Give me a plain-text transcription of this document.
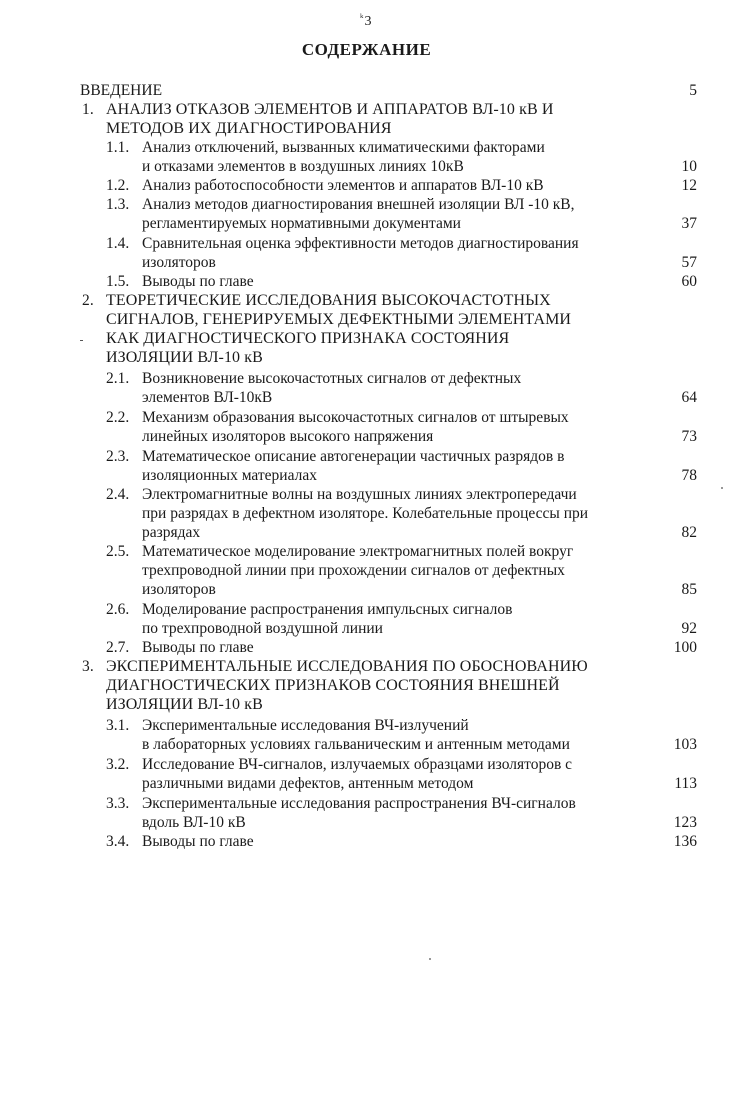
$^ᵏ$3
СОДЕРЖАНИЕ
ВВЕДЕНИЕ	5
1. АНАЛИЗ ОТКАЗОВ ЭЛЕМЕНТОВ И АППАРАТОВ ВЛ-10 кВ И
МЕТОДОВ ИХ ДИАГНОСТИРОВАНИЯ
1.1. Анализ отключений, вызванных климатическими факторами
и отказами элементов в воздушных линиях 10кВ	10
1.2. Анализ работоспособности элементов и аппаратов ВЛ-10 кВ	12
1.3. Анализ методов диагностирования внешней изоляции ВЛ -10 кВ,
регламентируемых нормативными документами	37
1.4. Сравнительная оценка эффективности методов диагностирования
изоляторов	57
1.5. Выводы по главе	60
2. ТЕОРЕТИЧЕСКИЕ ИССЛЕДОВАНИЯ ВЫСОКОЧАСТОТНЫХ
СИГНАЛОВ, ГЕНЕРИРУЕМЫХ ДЕФЕКТНЫМИ ЭЛЕМЕНТАМИ
КАК ДИАГНОСТИЧЕСКОГО ПРИЗНАКА СОСТОЯНИЯ
ИЗОЛЯЦИИ ВЛ-10 кВ
2.1. Возникновение высокочастотных сигналов от дефектных
элементов ВЛ-10кВ	64
2.2. Механизм образования высокочастотных сигналов от штыревых
линейных изоляторов высокого напряжения	73
2.3. Математическое описание автогенерации частичных разрядов в
изоляционных материалах	78
2.4. Электромагнитные волны на воздушных линиях электропередачи
при разрядах в дефектном изоляторе. Колебательные процессы при
разрядах	82
2.5. Математическое моделирование электромагнитных полей вокруг
трехпроводной линии при прохождении сигналов от дефектных
изоляторов	85
2.6. Моделирование распространения импульсных сигналов
по трехпроводной воздушной линии	92
2.7. Выводы по главе	100
3. ЭКСПЕРИМЕНТАЛЬНЫЕ ИССЛЕДОВАНИЯ ПО ОБОСНОВАНИЮ
ДИАГНОСТИЧЕСКИХ ПРИЗНАКОВ СОСТОЯНИЯ ВНЕШНЕЙ
ИЗОЛЯЦИИ ВЛ-10 кВ
3.1. Экспериментальные исследования ВЧ-излучений
в лабораторных условиях гальваническим и антенным методами	103
3.2. Исследование ВЧ-сигналов, излучаемых образцами изоляторов с
различными видами дефектов, антенным методом	113
3.3. Экспериментальные исследования распространения ВЧ-сигналов
вдоль ВЛ-10 кВ	123
3.4. Выводы по главе	136
